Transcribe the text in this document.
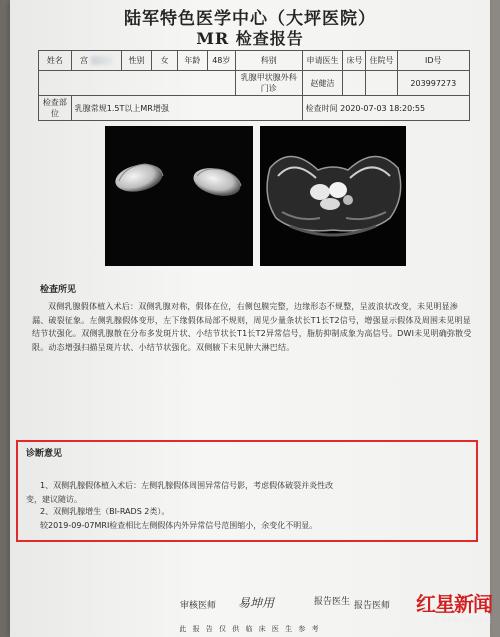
陆军特色医学中心（大坪医院）
MR 检查报告
姓名	宫	性别	女	年龄	48岁	科别	申请医生	床号	住院号	ID号
						乳腺甲状腺外科门诊	赵健洁			203997273
检查部位	乳腺常规1.5T以上MR增强						检查时间 2020-07-03 18:20:55			
检查所见
双侧乳腺假体植入术后：双侧乳腺对称，假体在位，右侧包膜完整，边缘形态不规整，呈波浪状改变，未见明显渗漏、破裂征象。左侧乳腺假体变形，左下缘假体局部不规则，周见少量条状长T1长T2信号，增强显示假体及周围未见明显结节状强化。双侧乳腺散在分布多发斑片状、小结节状长T1长T2异常信号，脂肪抑制成象为高信号。DWI未见明确弥散受限。动态增强扫描呈斑片状、小结节状强化。双侧腋下未见肿大淋巴结。
诊断意见
1、双侧乳腺假体植入术后：左侧乳腺假体周围异常信号影，考虑假体破裂并炎性改
变，建议随访。
2、双侧乳腺增生（BI-RADS 2类）。
较2019-09-07MRI检查相比左侧假体内外异常信号范围缩小，余变化不明显。
审核医师 易坤用	报告医生 报告医师
此 报 告 仅 供 临 床 医 生 参 考
红星新闻
红星新闻·成都商报
